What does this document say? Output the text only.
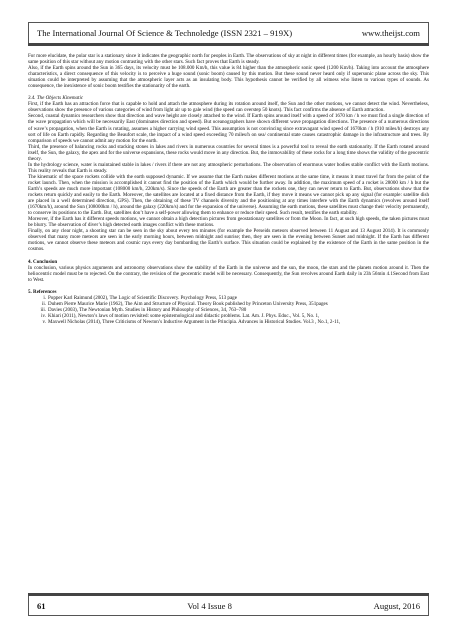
The International Journal Of Science & Technoledge (ISSN 2321 – 919X)	www.theijst.com

For more elucidate, the polar star is a stationary since it indicates the geographic north for peoples in Earth. The observations of sky at night in different times (for example, an hourly basis) show the same position of this star without any motion contrasting with the other stars. Such fact proves that Earth is steady.

Also, if the Earth spins around the Sun in 365 days, its velocity must be 108.000 Km/h, this value is 84 higher than the atmospheric sonic speed (1200 Km/h). Taking into account the atmosphere characteristics, a direct consequence of this velocity is to perceive a huge sound (sonic boom) caused by this motion. But these sound never heard only if supersonic plane across the sky. This situation could be interpreted by assuming that the atmospheric layer acts as an insulating body. This hypothesis cannot be verified by all witness who listen to various types of sounds. As consequence, the inexistence of sonic boom testifies the stationarity of the earth.

3.4. The Objects Kinematic

First, if the Earth has an attraction force that is capable to hold and attach the atmosphere during its rotation around itself, the Sun and the other motions, we cannot detect the wind. Nevertheless, observations show the presence of various categories of wind from light air up to gale wind (the speed can overstep 50 knots). This fact confirms the absence of Earth attraction.

Second, coastal dynamics researchers show that direction and wave height are closely attached to the wind. If Earth spins around itself with a speed of 1670 km / h we must find a single direction of the wave propagation which will be necessarily East (dominates direction and speed). But oceanographers have shown different wave propagation directions. The presence of a numerous directions of wave’s propagation, when the Earth is rotating, assumes a higher carrying wind speed. This assumption is not convincing since extravagant wind speed of 1670km / h (910 miles/h) destroys any sort of life on Earth rapidly. Regarding the Beaufort scale, the impact of a wind speed exceeding 70 miles/h on sea/ continental state causes catastrophic damage in the infrastructure and trees. By comparison of speeds we cannot admit any motion for the earth.

Third, the presence of balancing rocks and stacking stones in lakes and rivers in numerous countries for several times is a powerful tool to reveal the earth stationarity. If the Earth rotated around itself, the Sun, the galaxy, the apex and for the universe expansions, these rocks would move in any direction. But, the immovability of these rocks for a long time shows the validity of the geocentric theory.

In the hydrology science, water is maintained stable in lakes / rivers if there are not any atmospheric perturbations. The observation of enormous water bodies stable conflict with the Earth motions. This reality reveals that Earth is steady.

The kinematic of the space rockets collide with the earth supposed dynamic. If we assume that the Earth makes different motions at the same time, it means it must travel far from the point of the rocket launch. Then, when the mission is accomplished it cannot find the position of the Earth which would be further away. In addition, the maximum speed of a rocket is 28000 km / h but the Earth’s speeds are much more important (108000 km/h, 220km/s). Since the speeds of the Earth are greater than the rockets one, they can never return to Earth. But, observations show that the rockets return quickly and easily to the Earth. Moreover, the satellites are located at a fixed distance from the Earth, if they move it means we cannot pick up any signal (for example: satellite dish are placed in a well determined direction, GPS). Then, the obtaining of these TV channels diversity and the positioning at any times interfere with the Earth dynamics (revolves around itself (1670km/h), around the Sun (108000km / h), around the galaxy (220km/s) and for the expansion of the universe). Assuming the earth motions, these satellites must change their velocity permanently, to conserve its positions to the Earth. But, satellites don’t have a self-power allowing them to enhance or reduce their speed. Such result, testifies the earth stability.

Moreover, if the Earth has it different speeds motions, we cannot obtain a high detection pictures from geostationary satellites or from the Moon. In fact, at such high speeds, the taken pictures must be blurry. The observation of diver’s high detected earth images conflict with these motions.

Finally, on any clear night, a shooting star can be seen in the sky about every ten minutes (for example the Perseids meteors observed between 11 August and 13 August 2014). It is commonly observed that many more meteors are seen in the early morning hours, between midnight and sunrise; then, they are seen in the evening between Sunset and midnight. If the Earth has different motions, we cannot observe these meteors and cosmic rays every day bombarding the Earth’s surface. This situation could be explained by the existence of the Earth in the same position in the cosmos.

4. Conclusion

In conclusion, various physics arguments and astronomy observations show the stability of the Earth in the universe and the sun, the moon, the stars and the planets motion around it. Then the heliocentric model must be to rejected. On the contrary, the revision of the geocentric model will be necessary. Consequently, the Sun revolves around Earth daily in 23h 56min 4.1Second from East to West.

5. References

i. Popper Karl Raimund (2002), The Logic of Scientific Discovery. Psychology Press, 513 page
ii. Duhem Pierre Maurice Marie (1962), The Aim and Structure of Physical. Theory Book published by Princeton University Press, 351pages
iii. Davies (2003), The Newtonian Myth. Studies in History and Philosophy of Sciences, 34, 763–780
iv. Khiari (2011), Newton’s laws of motion revisited: some epistemological and didactic problems. Lat. Am. J. Phys. Educ., Vol. 5, No. 1,
v. Maxwell Nicholas (2014), Three Criticisms of Newton’s Inductive Argument in the Principia. Advances in Historical Studies. Vol.3 , No.1, 2-11,
61	Vol 4 Issue 8	August, 2016
